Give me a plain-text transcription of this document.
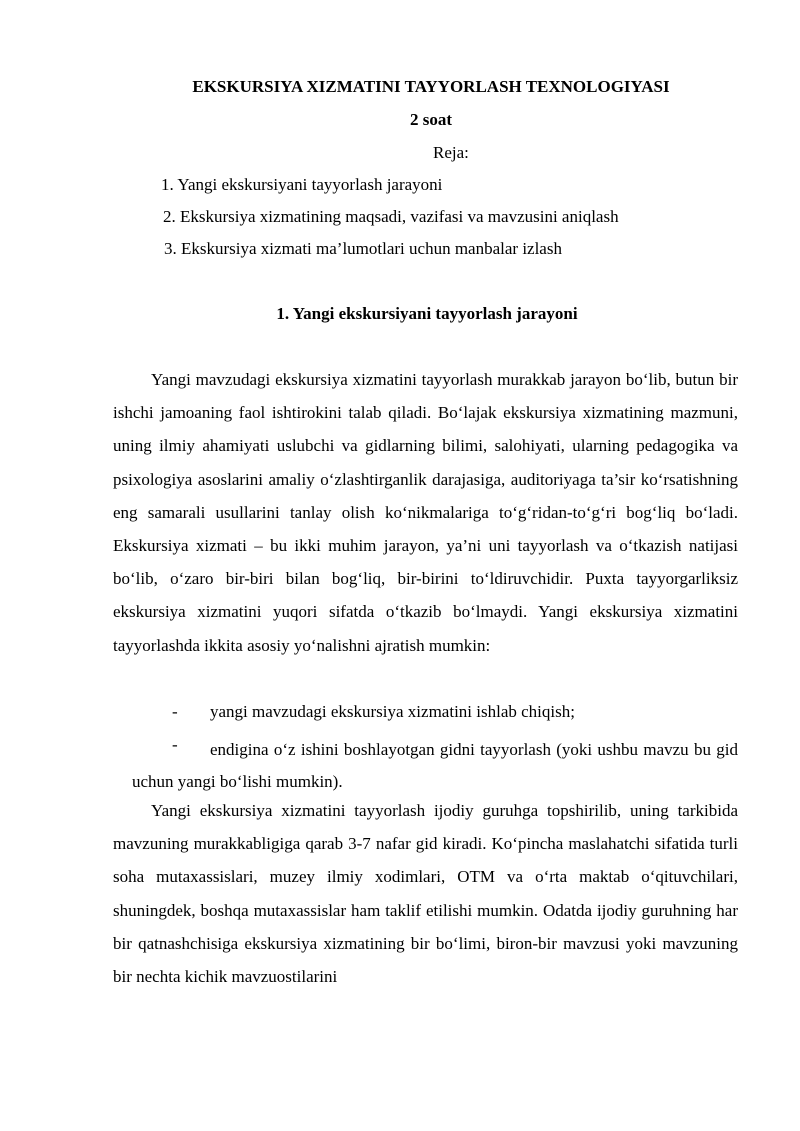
EKSKURSIYA XIZMATINI TAYYORLASH TEXNOLOGIYASI
2 soat
Reja:
1. Yangi ekskursiyani tayyorlash jarayoni
2. Ekskursiya xizmatining maqsadi, vazifasi va mavzusini aniqlash
3. Ekskursiya xizmati ma’lumotlari uchun manbalar izlash
1. Yangi ekskursiyani tayyorlash jarayoni

Yangi mavzudagi ekskursiya xizmatini tayyorlash murakkab jarayon bo‘lib, butun bir ishchi jamoaning faol ishtirokini talab qiladi. Bo‘lajak ekskursiya xizmatining mazmuni, uning ilmiy ahamiyati uslubchi va gidlarning bilimi, salohiyati, ularning pedagogika va psixologiya asoslarini amaliy o‘zlashtirganlik darajasiga, auditoriyaga ta’sir ko‘rsatishning eng samarali usullarini tanlay olish ko‘nikmalariga to‘g‘ridan-to‘g‘ri bog‘liq bo‘ladi. Ekskursiya xizmati – bu ikki muhim jarayon, ya’ni uni tayyorlash va o‘tkazish natijasi bo‘lib, o‘zaro bir-biri bilan bog‘liq, bir-birini to‘ldiruvchidir. Puxta tayyorgarliksiz ekskursiya xizmatini yuqori sifatda o‘tkazib bo‘lmaydi. Yangi ekskursiya xizmatini tayyorlashda ikkita asosiy yo‘nalishni ajratish mumkin:

- yangi mavzudagi ekskursiya xizmatini ishlab chiqish;
-	endigina o‘z ishini boshlayotgan gidni tayyorlash (yoki ushbu mavzu bu gid uchun yangi bo‘lishi mumkin).

Yangi ekskursiya xizmatini tayyorlash ijodiy guruhga topshirilib, uning tarkibida mavzuning murakkabligiga qarab 3-7 nafar gid kiradi. Ko‘pincha maslahatchi sifatida turli soha mutaxassislari, muzey ilmiy xodimlari, OTM va o‘rta maktab o‘qituvchilari, shuningdek, boshqa mutaxassislar ham taklif etilishi mumkin. Odatda ijodiy guruhning har bir qatnashchisiga ekskursiya xizmatining bir bo‘limi, biron-bir mavzusi yoki mavzuning bir nechta kichik mavzuostilarini
